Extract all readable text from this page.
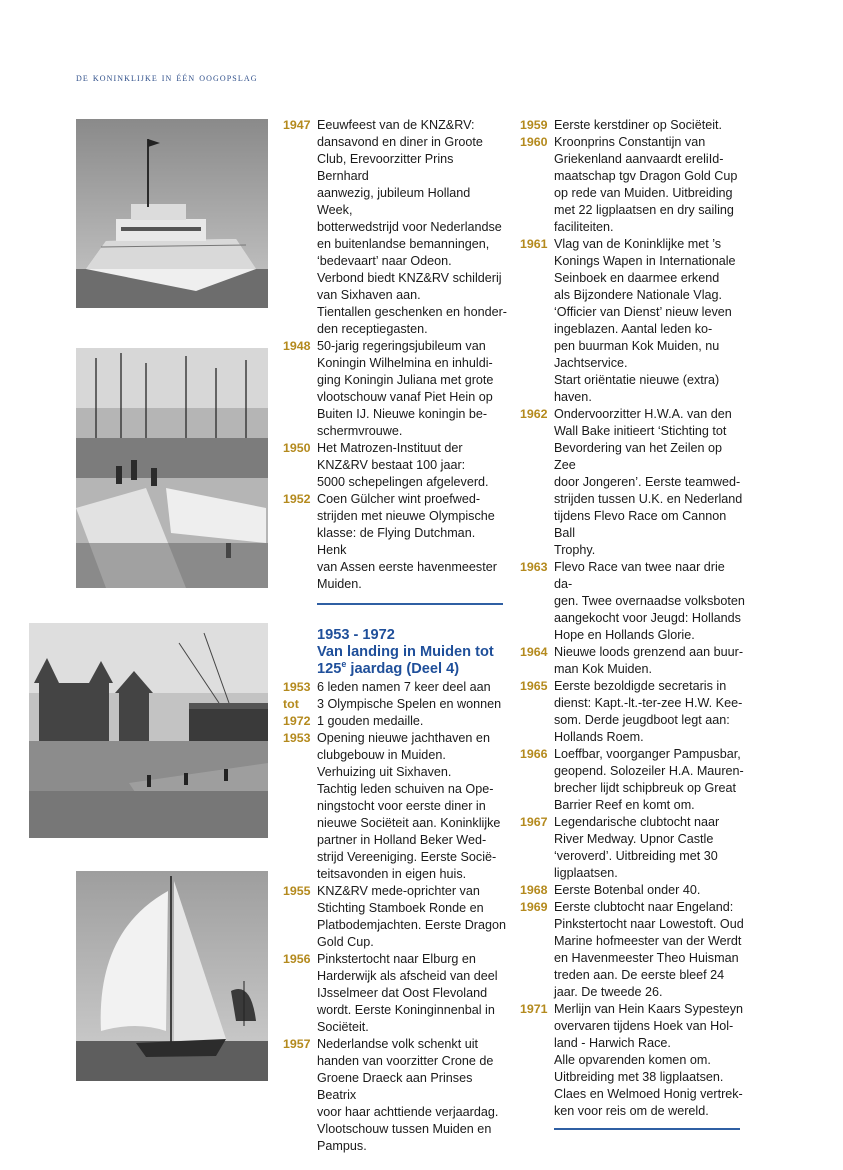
de koninklijke in één oogopslag
1947 Eeuwfeest van de KNZ&RV:
dansavond en diner in Groote
Club, Erevoorzitter Prins Bernhard
aanwezig, jubileum Holland Week,
botterwedstrijd voor Nederlandse
en buitenlandse bemanningen,
‘bedevaart’ naar Odeon.
Verbond biedt KNZ&RV schilderij
van Sixhaven aan.
Tientallen geschenken en honder-
den receptiegasten.
1948 50-jarig regeringsjubileum van
Koningin Wilhelmina en inhuldi-
ging Koningin Juliana met grote
vlootschouw vanaf Piet Hein op
Buiten IJ. Nieuwe koningin be-
schermvrouwe.
1950 Het Matrozen-Instituut der
KNZ&RV bestaat 100 jaar:
5000 schepelingen afgeleverd.
1952 Coen Gülcher wint proefwed-
strijden met nieuwe Olympische
klasse: de Flying Dutchman. Henk
van Assen eerste havenmeester
Muiden.
1953 - 1972
Van landing in Muiden tot
125e jaardag (Deel 4)
1953 6 leden namen 7 keer deel aan
tot	3 Olympische Spelen en wonnen
1972 1 gouden medaille.
1953 Opening nieuwe jachthaven en
clubgebouw in Muiden.
Verhuizing uit Sixhaven.
Tachtig leden schuiven na Ope-
ningstocht voor eerste diner in
nieuwe Sociëteit aan. Koninklijke
partner in Holland Beker Wed-
strijd Vereeniging. Eerste Socië-
teitsavonden in eigen huis.
1955 KNZ&RV mede-oprichter van
Stichting Stamboek Ronde en
Platbodemjachten. Eerste Dragon
Gold Cup.
1956 Pinkstertocht naar Elburg en
Harderwijk als afscheid van deel
IJsselmeer dat Oost Flevoland
wordt. Eerste Koninginnenbal in
Sociëteit.
1957 Nederlandse volk schenkt uit
handen van voorzitter Crone de
Groene Draeck aan Prinses Beatrix
voor haar achttiende verjaardag.
Vlootschouw tussen Muiden en
Pampus.
1959 Eerste kerstdiner op Sociëteit.
1960 Kroonprins Constantijn van
Griekenland aanvaardt ereliId-
maatschap tgv Dragon Gold Cup
op rede van Muiden. Uitbreiding
met 22 ligplaatsen en dry sailing
faciliteiten.
1961 Vlag van de Koninklijke met ’s
Konings Wapen in Internationale
Seinboek en daarmee erkend
als Bijzondere Nationale Vlag.
‘Officier van Dienst’ nieuw leven
ingeblazen. Aantal leden ko-
pen buurman Kok Muiden, nu
Jachtservice.
Start oriëntatie nieuwe (extra)
haven.
1962 Ondervoorzitter H.W.A. van den
Wall Bake initieert ‘Stichting tot
Bevordering van het Zeilen op Zee
door Jongeren’. Eerste teamwed-
strijden tussen U.K. en Nederland
tijdens Flevo Race om Cannon Ball
Trophy.
1963 Flevo Race van twee naar drie da-
gen. Twee overnaadse volksboten
aangekocht voor Jeugd: Hollands
Hope en Hollands Glorie.
1964 Nieuwe loods grenzend aan buur-
man Kok Muiden.
1965 Eerste bezoldigde secretaris in
dienst: Kapt.-lt.-ter-zee H.W. Kee-
som. Derde jeugdboot legt aan:
Hollands Roem.
1966 Loeffbar, voorganger Pampusbar,
geopend. Solozeiler H.A. Mauren-
brecher lijdt schipbreuk op Great
Barrier Reef en komt om.
1967 Legendarische clubtocht naar
River Medway. Upnor Castle
‘veroverd’. Uitbreiding met 30
ligplaatsen.
1968 Eerste Botenbal onder 40.
1969 Eerste clubtocht naar Engeland:
Pinkstertocht naar Lowestoft. Oud
Marine hofmeester van der Werdt
en Havenmeester Theo Huisman
treden aan. De eerste bleef 24
jaar. De tweede 26.
1971 Merlijn van Hein Kaars Sypesteyn
overvaren tijdens Hoek van Hol-
land - Harwich Race.
Alle opvarenden komen om.
Uitbreiding met 38 ligplaatsen.
Claes en Welmoed Honig vertrek-
ken voor reis om de wereld.
